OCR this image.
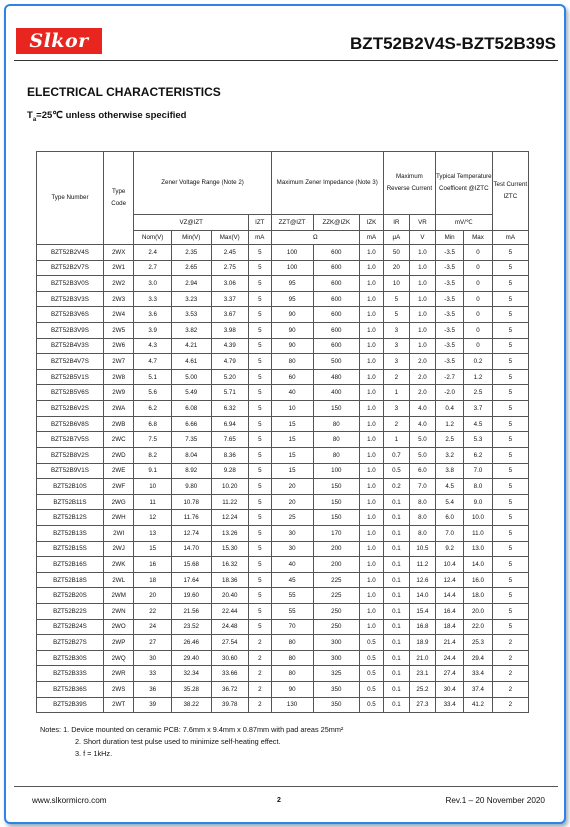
Slkor	BZT52B2V4S-BZT52B39S
ELECTRICAL CHARACTERISTICS
$T_a=25℃$ unless otherwise specified
Type Number	Type Code	Zener Voltage Range (Note 2)				Maximum Zener Impedance (Note 3)			Maximum Reverse Current		Typical Temperature Coefficent @IZTC		Test Current IZTC
		VZ@IZT			IZT	ZZT@IZT	ZZK@IZK	IZK	IR	VR	mV/℃		
		Nom(V)	Min(V)	Max(V)	mA	Ω		mA	μA	V	Min	Max	mA
BZT52B2V4S	2WX	2.4	2.35	2.45	5	100	600	1.0	50	1.0	-3.5	0	5
BZT52B2V7S	2W1	2.7	2.65	2.75	5	100	600	1.0	20	1.0	-3.5	0	5
BZT52B3V0S	2W2	3.0	2.94	3.06	5	95	600	1.0	10	1.0	-3.5	0	5
BZT52B3V3S	2W3	3.3	3.23	3.37	5	95	600	1.0	5	1.0	-3.5	0	5
BZT52B3V6S	2W4	3.6	3.53	3.67	5	90	600	1.0	5	1.0	-3.5	0	5
BZT52B3V9S	2W5	3.9	3.82	3.98	5	90	600	1.0	3	1.0	-3.5	0	5
BZT52B4V3S	2W6	4.3	4.21	4.39	5	90	600	1.0	3	1.0	-3.5	0	5
BZT52B4V7S	2W7	4.7	4.61	4.79	5	80	500	1.0	3	2.0	-3.5	0.2	5
BZT52B5V1S	2W8	5.1	5.00	5.20	5	60	480	1.0	2	2.0	-2.7	1.2	5
BZT52B5V6S	2W9	5.6	5.49	5.71	5	40	400	1.0	1	2.0	-2.0	2.5	5
BZT52B6V2S	2WA	6.2	6.08	6.32	5	10	150	1.0	3	4.0	0.4	3.7	5
BZT52B6V8S	2WB	6.8	6.66	6.94	5	15	80	1.0	2	4.0	1.2	4.5	5
BZT52B7V5S	2WC	7.5	7.35	7.65	5	15	80	1.0	1	5.0	2.5	5.3	5
BZT52B8V2S	2WD	8.2	8.04	8.36	5	15	80	1.0	0.7	5.0	3.2	6.2	5
BZT52B9V1S	2WE	9.1	8.92	9.28	5	15	100	1.0	0.5	6.0	3.8	7.0	5
BZT52B10S	2WF	10	9.80	10.20	5	20	150	1.0	0.2	7.0	4.5	8.0	5
BZT52B11S	2WG	11	10.78	11.22	5	20	150	1.0	0.1	8.0	5.4	9.0	5
BZT52B12S	2WH	12	11.76	12.24	5	25	150	1.0	0.1	8.0	6.0	10.0	5
BZT52B13S	2WI	13	12.74	13.26	5	30	170	1.0	0.1	8.0	7.0	11.0	5
BZT52B15S	2WJ	15	14.70	15.30	5	30	200	1.0	0.1	10.5	9.2	13.0	5
BZT52B16S	2WK	16	15.68	16.32	5	40	200	1.0	0.1	11.2	10.4	14.0	5
BZT52B18S	2WL	18	17.64	18.36	5	45	225	1.0	0.1	12.6	12.4	16.0	5
BZT52B20S	2WM	20	19.60	20.40	5	55	225	1.0	0.1	14.0	14.4	18.0	5
BZT52B22S	2WN	22	21.56	22.44	5	55	250	1.0	0.1	15.4	16.4	20.0	5
BZT52B24S	2WO	24	23.52	24.48	5	70	250	1.0	0.1	16.8	18.4	22.0	5
BZT52B27S	2WP	27	26.46	27.54	2	80	300	0.5	0.1	18.9	21.4	25.3	2
BZT52B30S	2WQ	30	29.40	30.60	2	80	300	0.5	0.1	21.0	24.4	29.4	2
BZT52B33S	2WR	33	32.34	33.66	2	80	325	0.5	0.1	23.1	27.4	33.4	2
BZT52B36S	2WS	36	35.28	36.72	2	90	350	0.5	0.1	25.2	30.4	37.4	2
BZT52B39S	2WT	39	38.22	39.78	2	130	350	0.5	0.1	27.3	33.4	41.2	2
Notes: 1. Device mounted on ceramic PCB: 7.6mm x 9.4mm x 0.87mm with pad areas 25mm²
2. Short duration test pulse used to minimize self-heating effect.
3. f = 1kHz.
www.slkormicro.com	2	Rev.1 – 20 November 2020
